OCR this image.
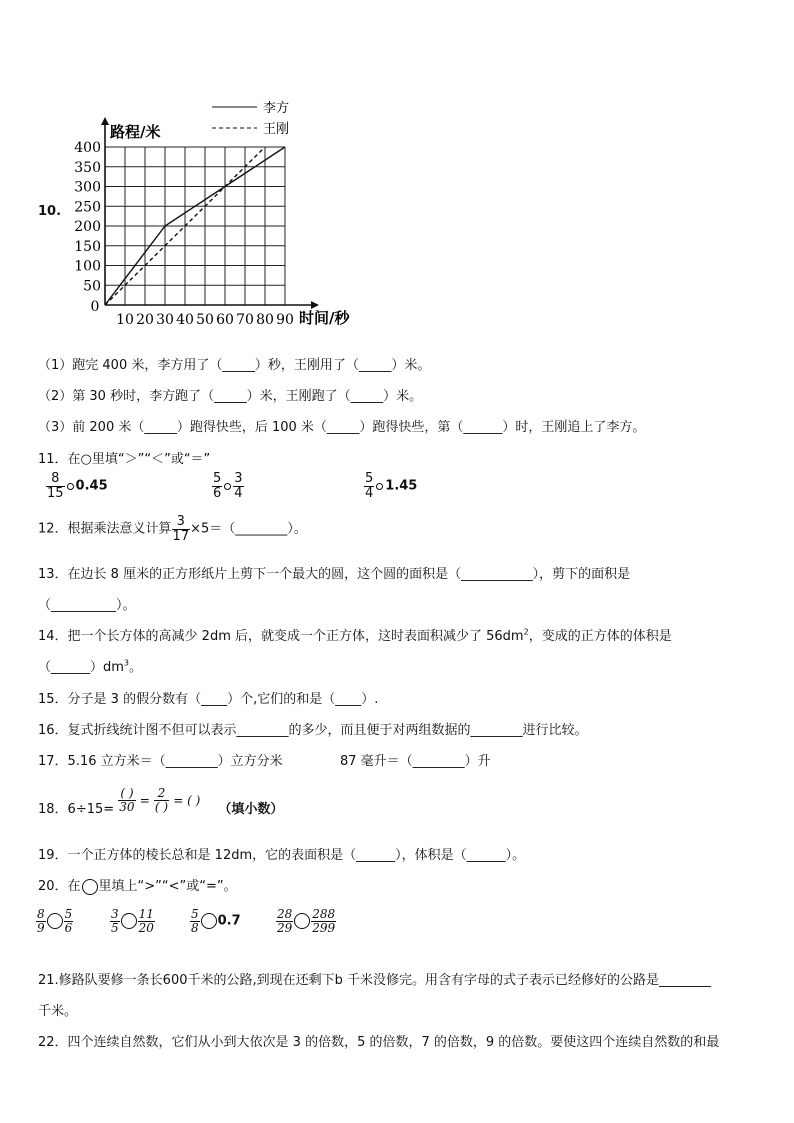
10.
50
100
150
200
250
300
350
400
0
10 20 30 40 50 60 70 80 90
路程/米
时间/秒
李方
王刚
（1）跑完 400 米，李方用了（_____）秒，王刚用了（_____）米。
（2）第 30 秒时，李方跑了（_____）米，王刚跑了（_____）米。
（3）前 200 米（_____）跑得快些，后 100 米（_____）跑得快些，第（______）时，王刚追上了李方。
11．在○里填“＞”“＜”或“＝”
$\frac{8}{15} 0.45$	$\frac{5}{6} \frac{3}{4}$	$\frac{5}{4} 1.45$
12．根据乘法意义计算 $\frac{3}{17}$ ×5＝（________）。
13．在边长 8 厘米的正方形纸片上剪下一个最大的圆，这个圆的面积是（___________），剪下的面积是
（__________）。
14．把一个长方体的高减少 2dm 后，就变成一个正方体，这时表面积减少了 $56dm^2$，变成的正方体的体积是
$(\_\_\_\_\_\_)dm^3$。
15．分子是 3 的假分数有（____）个,它们的和是（____）.
16．复式折线统计图不但可以表示________的多少，而且便于对两组数据的________进行比较。
17．5.16 立方米＝（________）立方分米	87 毫升＝（________）升
18．$6\div 15= \frac{( )}{30} = \frac{2}{( )}$ = ( ) （填小数）
19．一个正方体的棱长总和是 12dm，它的表面积是（______），体积是（______）。
20．在 里填上“>”“<”或“=”。
$\frac{8}{9} \frac{5}{6}$	$\frac{3}{5} \frac{11}{20}$	$\frac{5}{8} 0.7$	$\frac{28}{29} \frac{288}{299}$
21.修路队要修一条长600千米的公路,到现在还剩下b 千米没修完。用含有字母的式子表示已经修好的公路是________
千米。
22．四个连续自然数，它们从小到大依次是 3 的倍数，5 的倍数，7 的倍数，9 的倍数。要使这四个连续自然数的和最
